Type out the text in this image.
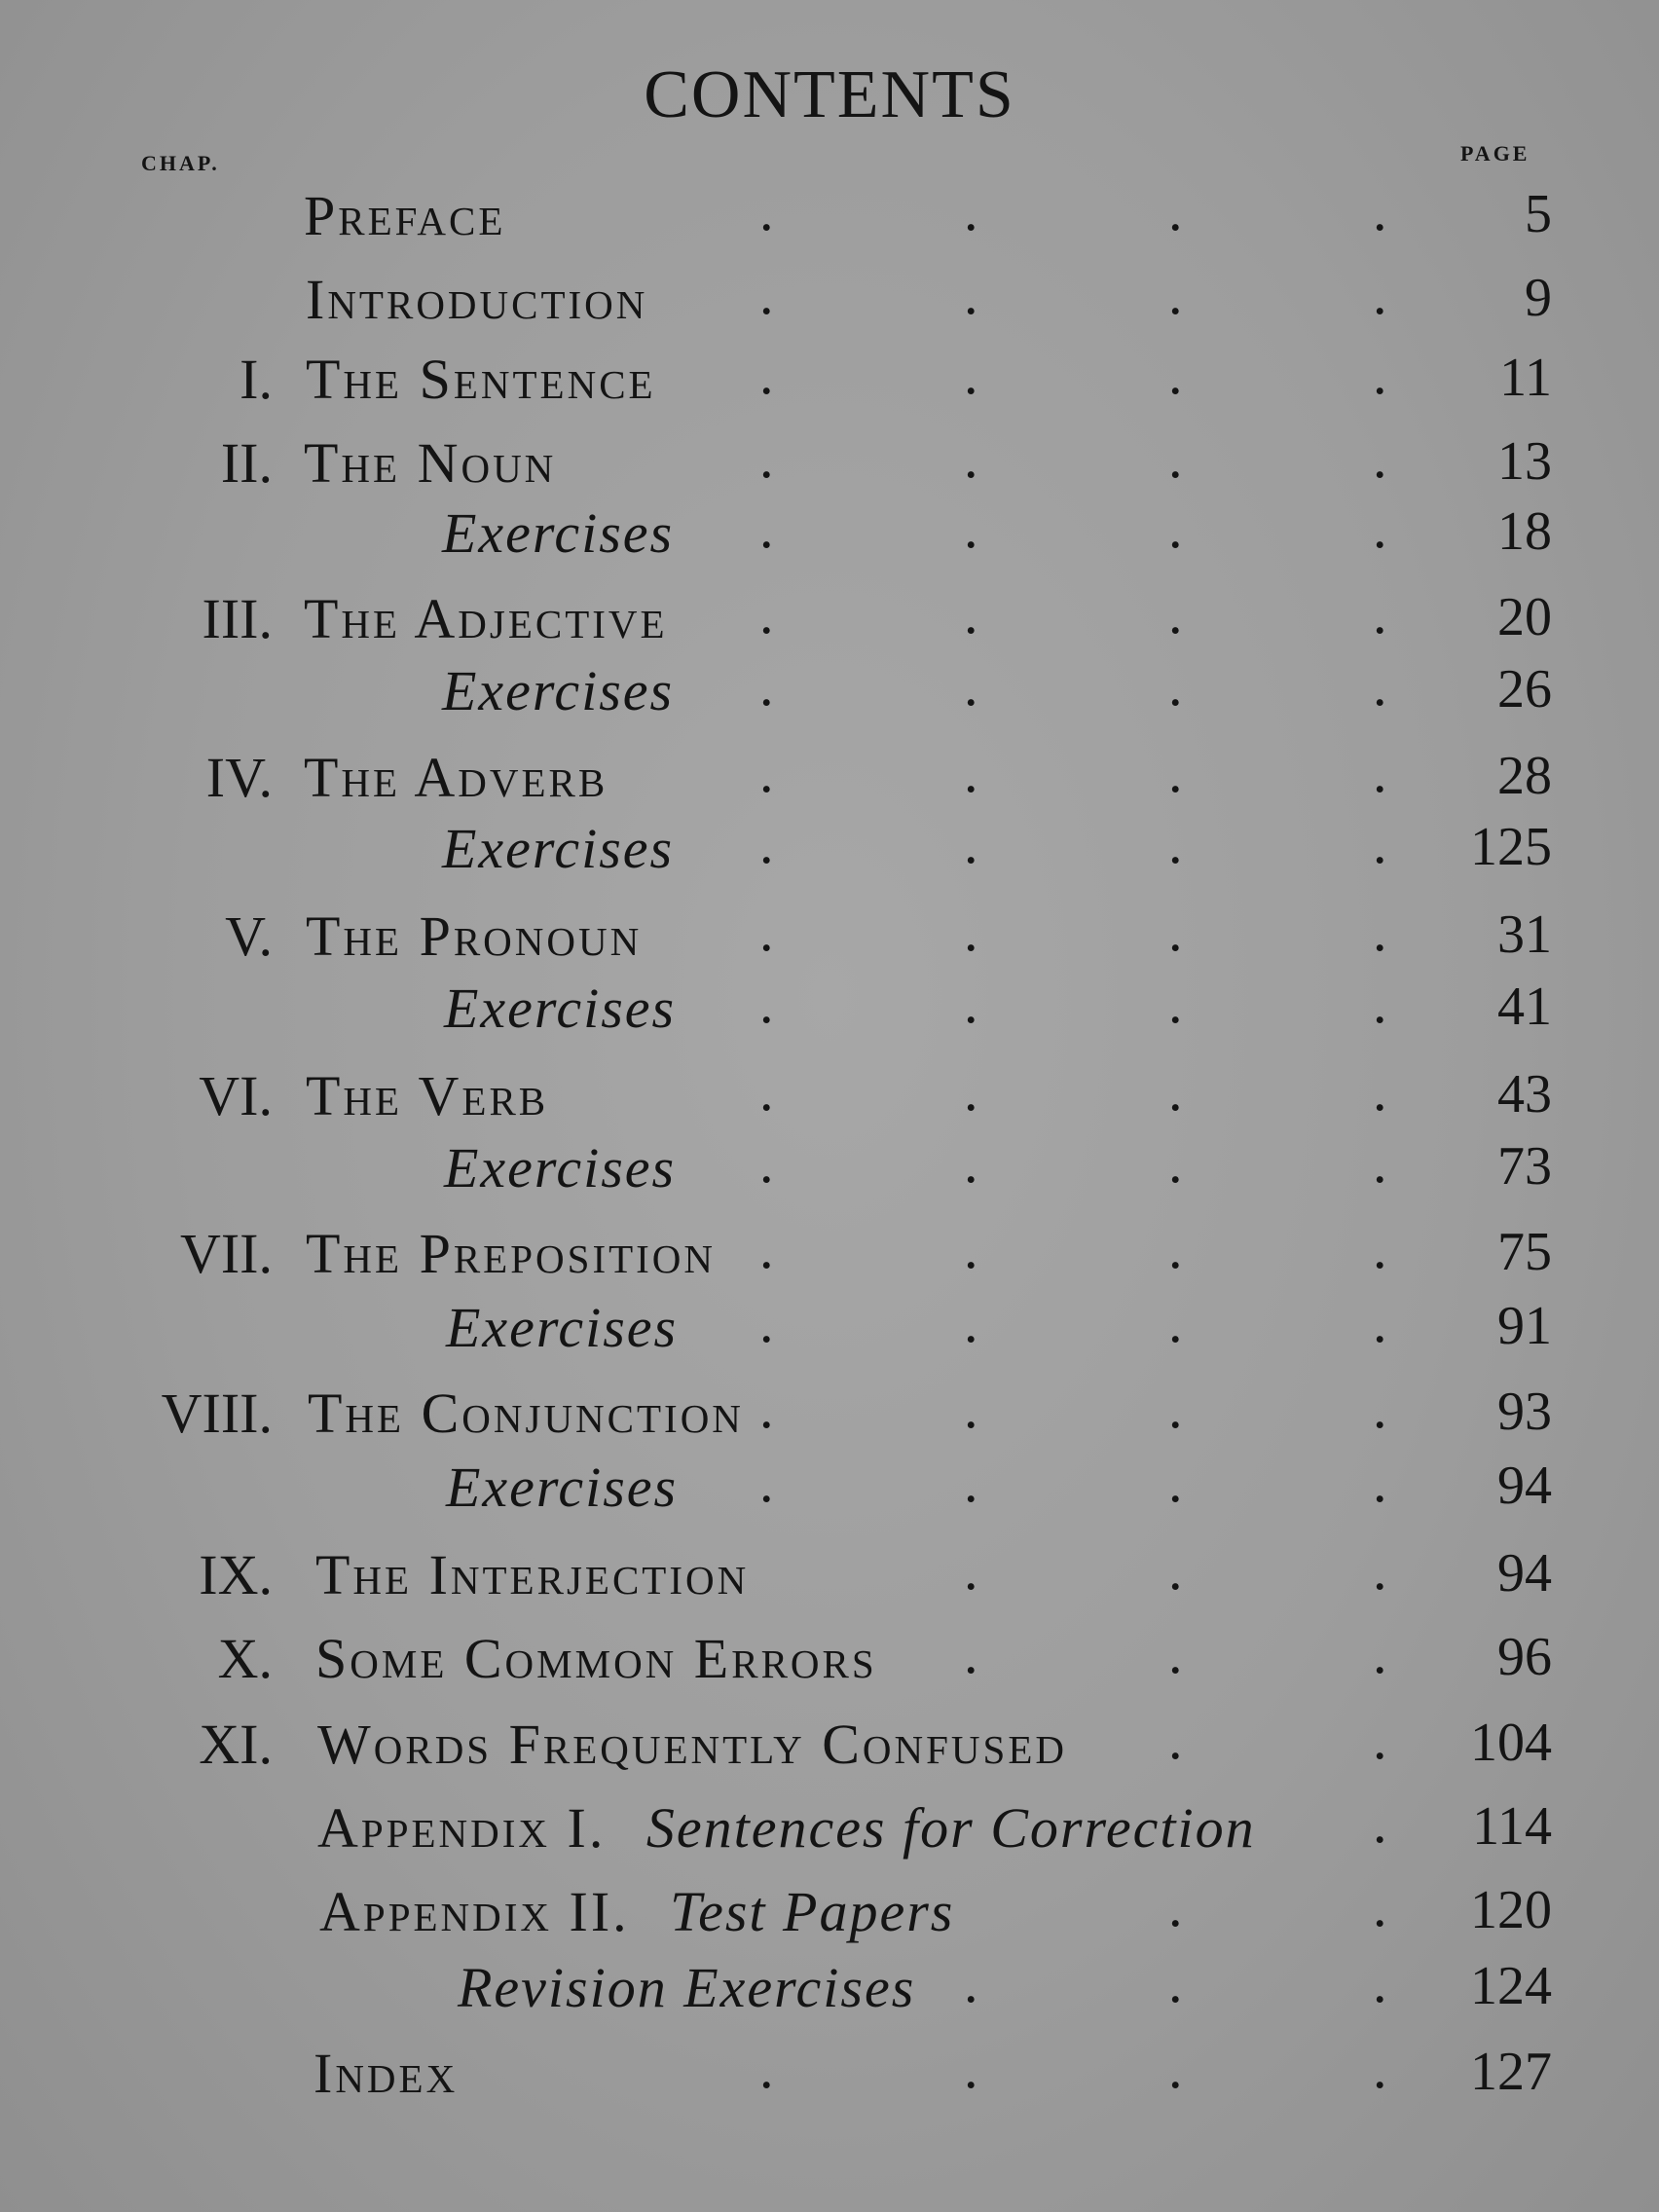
CONTENTS
CHAP.	PAGE
Preface	5
.	.	.	.
Introduction	9
.	.	.	.
I. The Sentence	11
.	.	.	.
II. The Noun	13
.	.	.	.
Exercises	18
.	.	.	.
III. The Adjective	20
.	.	.	.
Exercises	26
.	.	.	.
IV. The Adverb	28
.	.	.	.
Exercises	125
.	.	.	.
V. The Pronoun	31
.	.	.	.
Exercises	41
.	.	.	.
VI. The Verb	43
.	.	.	.
Exercises	73
.	.	.	.
VII. The Preposition	75
.	.	.	.
Exercises	91
.	.	.	.
VIII. The Conjunction	93
.	.	.	.
Exercises	94
.	.	.	.
IX. The Interjection	94
.	.	.
X. Some Common Errors	96
.	.	.
XI. Words Frequently Confused	104
.	.
Appendix I. Sentences for Correction	114
.
Appendix II. Test Papers	120
.	.
Revision Exercises	124
.	.	.
Index	127
.	.	.	.
